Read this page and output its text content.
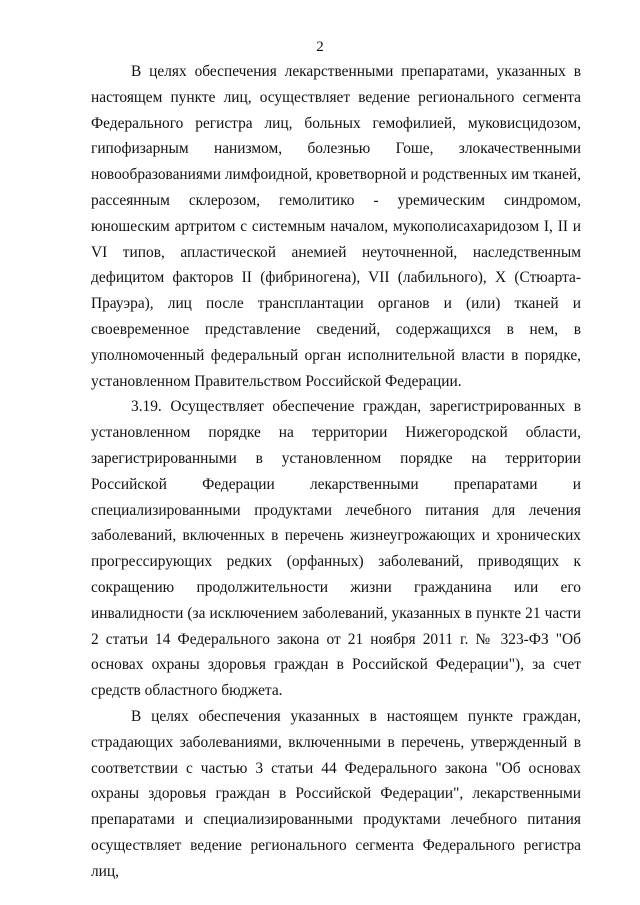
2

В целях обеспечения лекарственными препаратами, указанных в настоящем пункте лиц, осуществляет ведение регионального сегмента Федерального регистра лиц, больных гемофилией, муковисцидозом, гипофизарным нанизмом, болезнью Гоше, злокачественными новообразованиями лимфоидной, кроветворной и родственных им тканей, рассеянным склерозом, гемолитико - уремическим синдромом, юношеским артритом с системным началом, мукополисахаридозом I, II и VI типов, апластической анемией неуточненной, наследственным дефицитом факторов II (фибриногена), VII (лабильного), X (Стюарта-Прауэра), лиц после трансплантации органов и (или) тканей и своевременное представление сведений, содержащихся в нем, в уполномоченный федеральный орган исполнительной власти в порядке, установленном Правительством Российской Федерации.

3.19. Осуществляет обеспечение граждан, зарегистрированных в установленном порядке на территории Нижегородской области, зарегистрированными в установленном порядке на территории Российской Федерации лекарственными препаратами и специализированными продуктами лечебного питания для лечения заболеваний, включенных в перечень жизнеугрожающих и хронических прогрессирующих редких (орфанных) заболеваний, приводящих к сокращению продолжительности жизни гражданина или его инвалидности (за исключением заболеваний, указанных в пункте 21 части 2 статьи 14 Федерального закона от 21 ноября 2011 г. № 323-ФЗ "Об основах охраны здоровья граждан в Российской Федерации"), за счет средств областного бюджета.

В целях обеспечения указанных в настоящем пункте граждан, страдающих заболеваниями, включенными в перечень, утвержденный в соответствии с частью 3 статьи 44 Федерального закона "Об основах охраны здоровья граждан в Российской Федерации", лекарственными препаратами и специализированными продуктами лечебного питания осуществляет ведение регионального сегмента Федерального регистра лиц,
